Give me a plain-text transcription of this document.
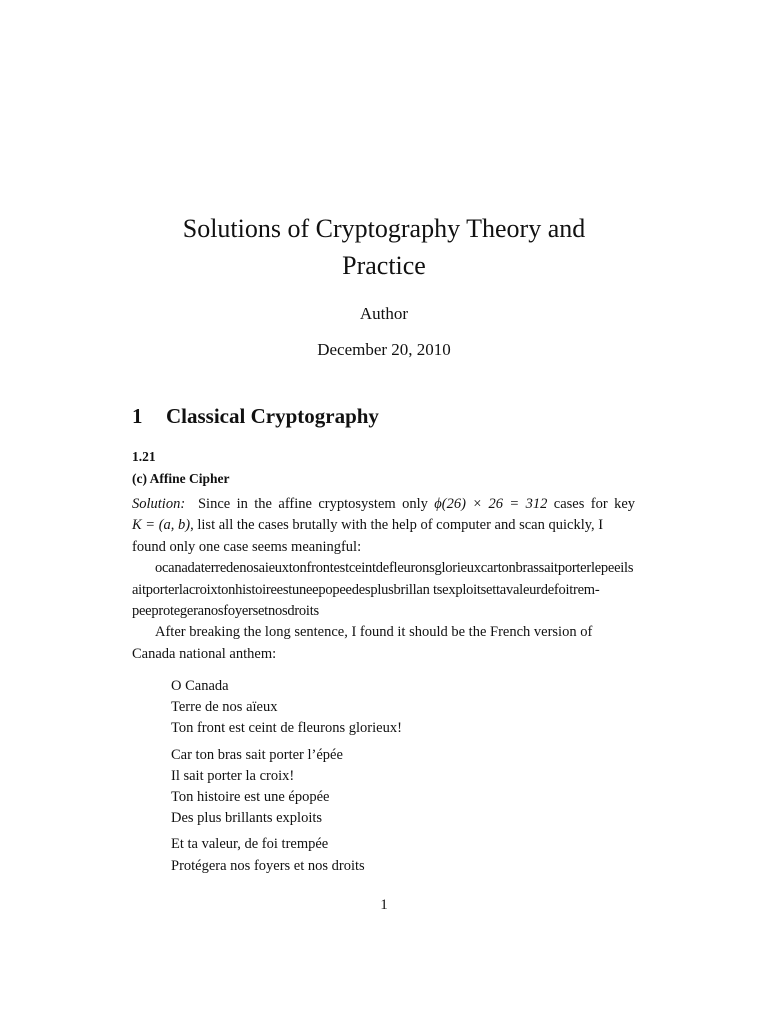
Solutions of Cryptography Theory and
Practice
Author
December 20, 2010
1 Classical Cryptography
1.21
(c) Affine Cipher
Solution: Since in the affine cryptosystem only ϕ(26) × 26 = 312 cases for key
K = (a, b), list all the cases brutally with the help of computer and scan quickly, I
found only one case seems meaningful:
ocanadaterredenosaieuxtonfrontestceintdefleuronsglorieuxcartonbrassaitporterlepeeils
aitporterlacroixtonhistoireestuneepopeedesplusbrillan tsexploitsettavaleurdefoitrem-
peeprotegeranosfoyersetnosdroits
After breaking the long sentence, I found it should be the French version of
Canada national anthem:
O Canada
Terre de nos aïeux
Ton front est ceint de fleurons glorieux!
Car ton bras sait porter l’épée
Il sait porter la croix!
Ton histoire est une épopée
Des plus brillants exploits
Et ta valeur, de foi trempée
Protégera nos foyers et nos droits
1
